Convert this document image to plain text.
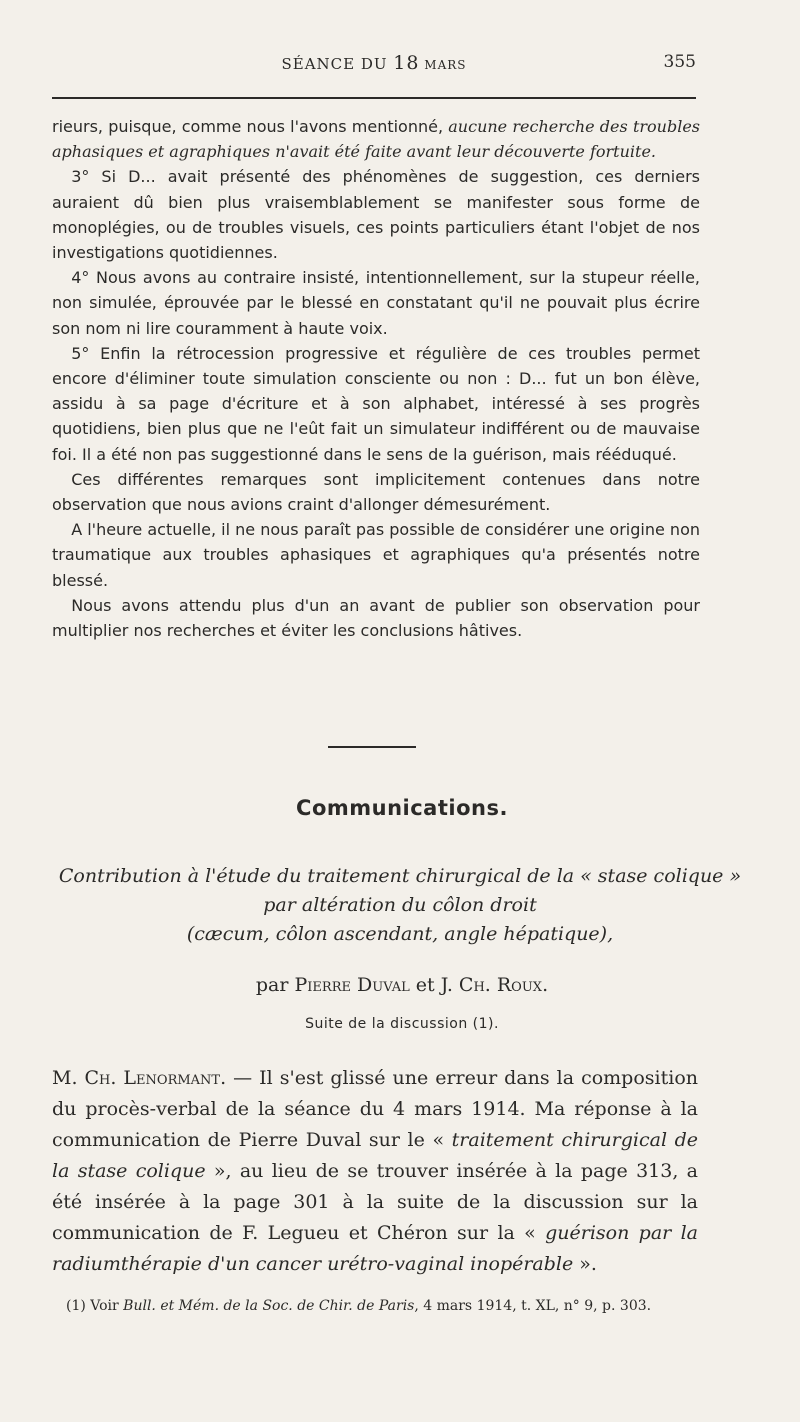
SÉANCE DU 18 MARS	355

rieurs, puisque, comme nous l'avons mentionné, aucune recherche des troubles aphasiques et agraphiques n'avait été faite avant leur découverte fortuite.

3° Si D... avait présenté des phénomènes de suggestion, ces derniers auraient dû bien plus vraisemblablement se manifester sous forme de monoplégies, ou de troubles visuels, ces points particuliers étant l'objet de nos investigations quotidiennes.

4° Nous avons au contraire insisté, intentionnellement, sur la stupeur réelle, non simulée, éprouvée par le blessé en constatant qu'il ne pouvait plus écrire son nom ni lire couramment à haute voix.

5° Enfin la rétrocession progressive et régulière de ces troubles permet encore d'éliminer toute simulation consciente ou non : D... fut un bon élève, assidu à sa page d'écriture et à son alphabet, intéressé à ses progrès quotidiens, bien plus que ne l'eût fait un simulateur indifférent ou de mauvaise foi. Il a été non pas suggestionné dans le sens de la guérison, mais rééduqué.

Ces différentes remarques sont implicitement contenues dans notre observation que nous avions craint d'allonger démesurément.

A l'heure actuelle, il ne nous paraît pas possible de considérer une origine non traumatique aux troubles aphasiques et agraphiques qu'a présentés notre blessé.

Nous avons attendu plus d'un an avant de publier son observation pour multiplier nos recherches et éviter les conclusions hâtives.

Communications.
Contribution à l'étude du traitement chirurgical de la « stase colique »
par altération du côlon droit
(cæcum, côlon ascendant, angle hépatique),
par Pierre Duval et J. Ch. Roux.
Suite de la discussion (1).
M. Ch. Lenormant. — Il s'est glissé une erreur dans la composition du procès-verbal de la séance du 4 mars 1914. Ma réponse à la communication de Pierre Duval sur le « traitement chirurgical de la stase colique », au lieu de se trouver insérée à la page 313, a été insérée à la page 301 à la suite de la discussion sur la communication de F. Legueu et Chéron sur la « guérison par la radiumthérapie d'un cancer urétro-vaginal inopérable ».
(1) Voir Bull. et Mém. de la Soc. de Chir. de Paris, 4 mars 1914, t. XL, n° 9, p. 303.
